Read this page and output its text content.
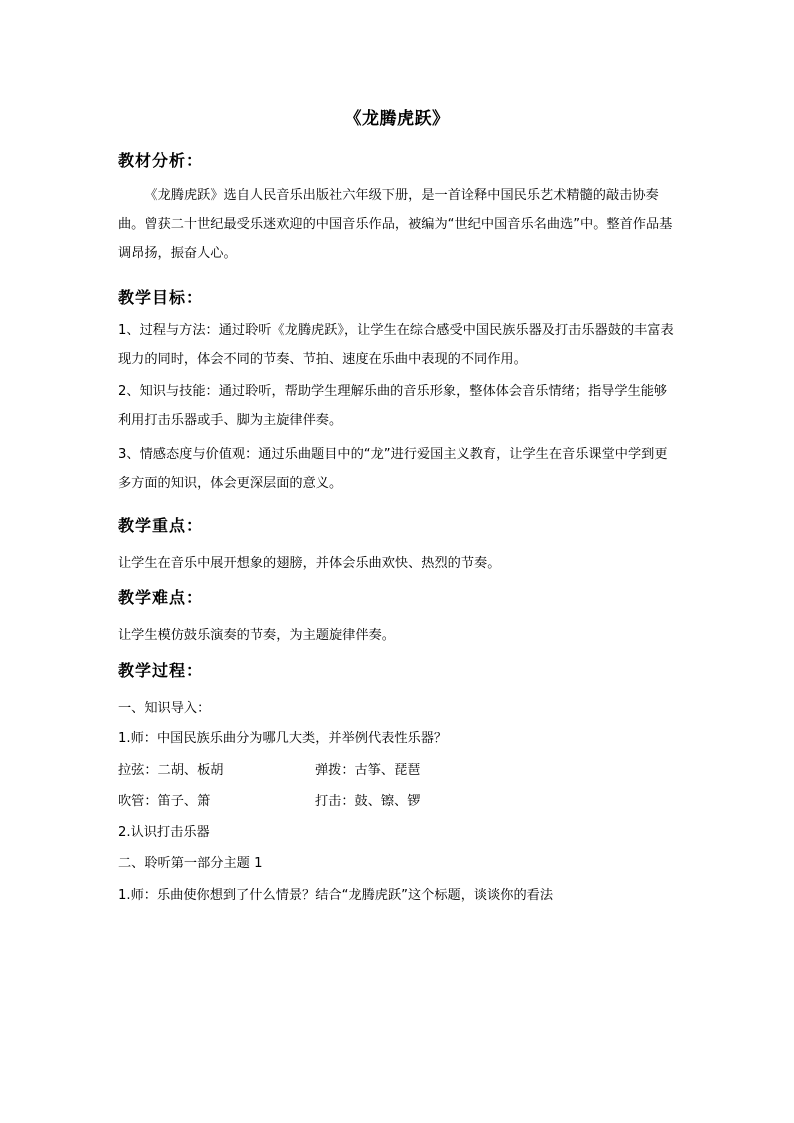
《龙腾虎跃》
教材分析：
《龙腾虎跃》选自人民音乐出版社六年级下册，是一首诠释中国民乐艺术精髓的敲击协奏曲。曾获二十世纪最受乐迷欢迎的中国音乐作品，被编为“世纪中国音乐名曲选”中。整首作品基调昂扬，振奋人心。
教学目标：
1、过程与方法：通过聆听《龙腾虎跃》，让学生在综合感受中国民族乐器及打击乐器鼓的丰富表现力的同时，体会不同的节奏、节拍、速度在乐曲中表现的不同作用。
2、知识与技能：通过聆听，帮助学生理解乐曲的音乐形象，整体体会音乐情绪；指导学生能够利用打击乐器或手、脚为主旋律伴奏。
3、情感态度与价值观：通过乐曲题目中的“龙”进行爱国主义教育，让学生在音乐课堂中学到更多方面的知识，体会更深层面的意义。
教学重点：
让学生在音乐中展开想象的翅膀，并体会乐曲欢快、热烈的节奏。
教学难点：
让学生模仿鼓乐演奏的节奏，为主题旋律伴奏。
教学过程：
一、知识导入：
1.师：中国民族乐曲分为哪几大类，并举例代表性乐器？
拉弦：二胡、板胡	弹拨：古筝、琵琶
吹管：笛子、箫	打击：鼓、镲、锣
2.认识打击乐器
二、聆听第一部分主题 1
1.师：乐曲使你想到了什么情景？结合“龙腾虎跃”这个标题，谈谈你的看法
